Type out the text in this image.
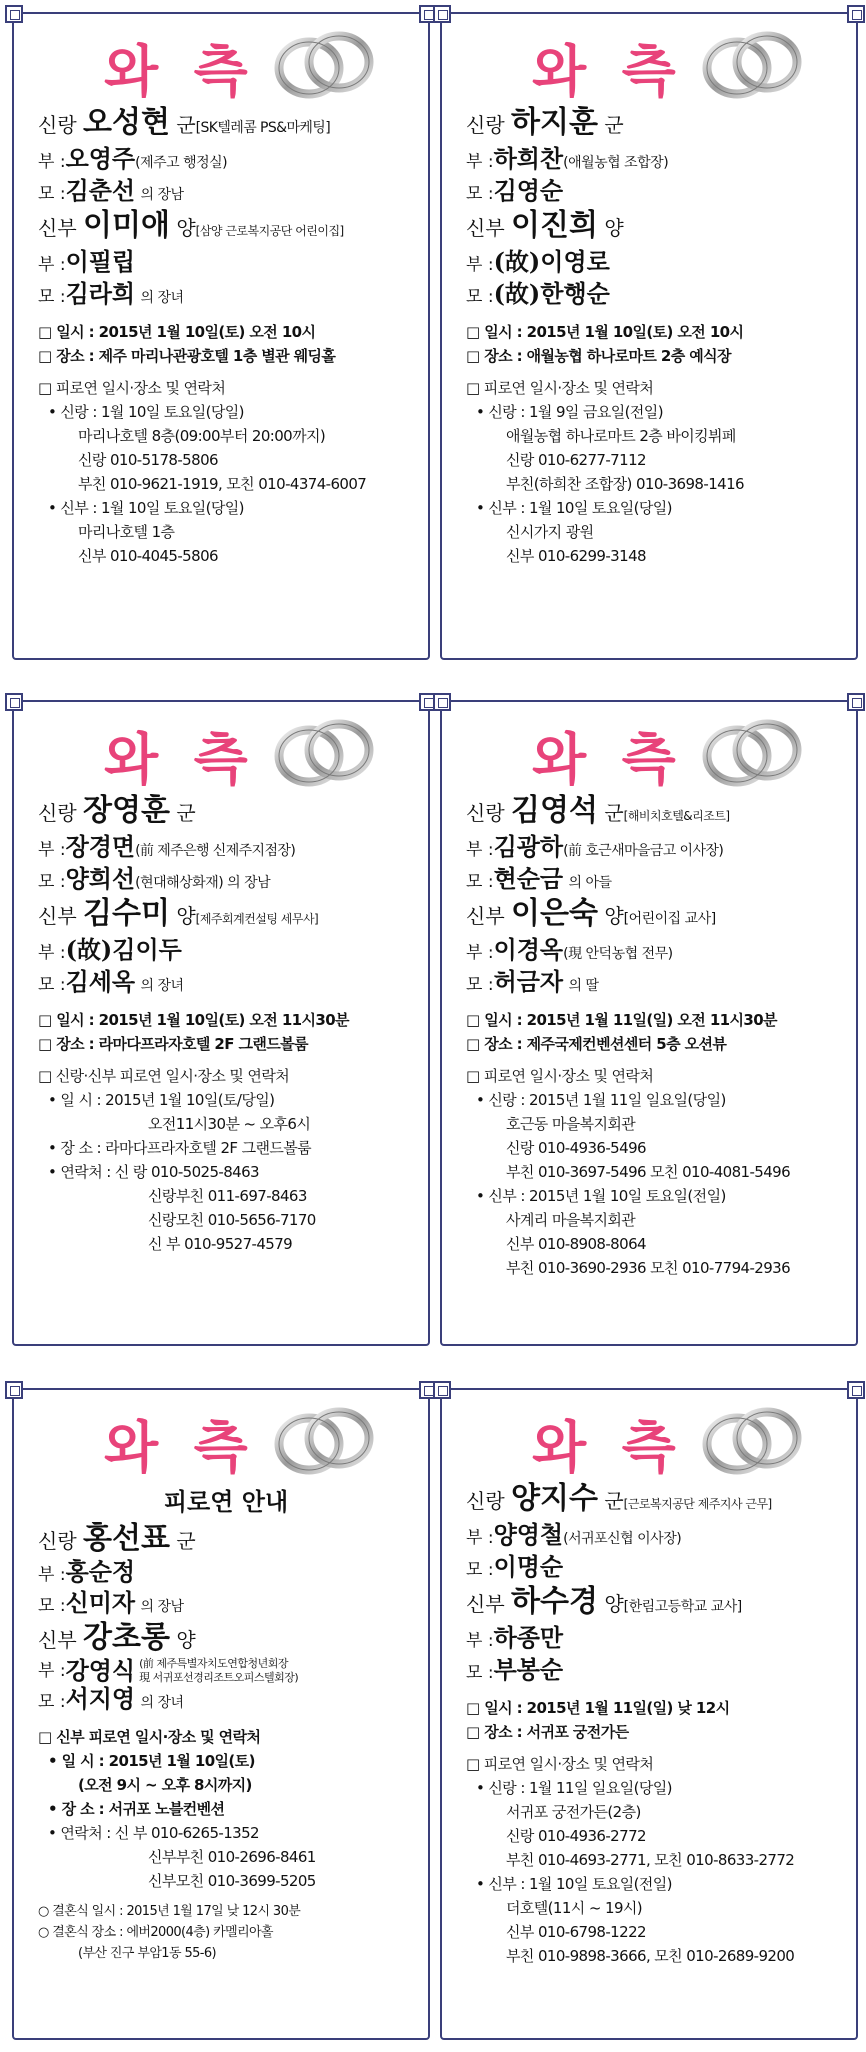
와 측
신랑 오성현 군[SK텔레콤 PS&마케팅]
부 :오영주(제주고 행정실)
모 :김춘선 의 장남
신부 이미애 양[삼양 근로복지공단 어린이집]
부 :이필립
모 :김라희 의 장녀
□ 일시 : 2015년 1월 10일(토) 오전 10시
□ 장소 : 제주 마리나관광호텔 1층 별관 웨딩홀
□ 피로연 일시·장소 및 연락처
• 신랑 : 1월 10일 토요일(당일)
마리나호텔 8층(09:00부터 20:00까지)
신랑 010-5178-5806
부친 010-9621-1919, 모친 010-4374-6007
• 신부 : 1월 10일 토요일(당일)
마리나호텔 1층
신부 010-4045-5806
와 측
신랑 하지훈 군
부 :하희찬(애월농협 조합장)
모 :김영순
신부 이진희 양
부 :(故)이영로
모 :(故)한행순
□ 일시 : 2015년 1월 10일(토) 오전 10시
□ 장소 : 애월농협 하나로마트 2층 예식장
□ 피로연 일시·장소 및 연락처
• 신랑 : 1월 9일 금요일(전일)
애월농협 하나로마트 2층 바이킹뷔페
신랑 010-6277-7112
부친(하희찬 조합장) 010-3698-1416
• 신부 : 1월 10일 토요일(당일)
신시가지 광원
신부 010-6299-3148
와 측
신랑 장영훈 군
부 :장경면(前 제주은행 신제주지점장)
모 :양희선(현대해상화재) 의 장남
신부 김수미 양[제주회계컨설팅 세무사]
부 :(故)김이두
모 :김세옥 의 장녀
□ 일시 : 2015년 1월 10일(토) 오전 11시30분
□ 장소 : 라마다프라자호텔 2F 그랜드볼룸
□ 신랑·신부 피로연 일시·장소 및 연락처
• 일 시 : 2015년 1월 10일(토/당일)
오전11시30분 ~ 오후6시
• 장 소 : 라마다프라자호텔 2F 그랜드볼룸
• 연락처 : 신 랑 010-5025-8463
신랑부친 011-697-8463
신랑모친 010-5656-7170
신 부 010-9527-4579
와 측
신랑 김영석 군[해비치호텔&리조트]
부 :김광하(前 호근새마을금고 이사장)
모 :현순금 의 아들
신부 이은숙 양[어린이집 교사]
부 :이경옥(現 안덕농협 전무)
모 :허금자 의 딸
□ 일시 : 2015년 1월 11일(일) 오전 11시30분
□ 장소 : 제주국제컨벤션센터 5층 오션뷰
□ 피로연 일시·장소 및 연락처
• 신랑 : 2015년 1월 11일 일요일(당일)
호근동 마을복지회관
신랑 010-4936-5496
부친 010-3697-5496 모친 010-4081-5496
• 신부 : 2015년 1월 10일 토요일(전일)
사계리 마을복지회관
신부 010-8908-8064
부친 010-3690-2936 모친 010-7794-2936
와 측
피로연 안내
신랑 홍선표 군
부 :홍순정
모 :신미자 의 장남
신부 강초롱 양
부 : 강영식 (前 제주특별자치도연합청년회장
現 서귀포선경리조트오피스텔회장)
모 :서지영 의 장녀
□ 신부 피로연 일시·장소 및 연락처
• 일 시 : 2015년 1월 10일(토)
(오전 9시 ~ 오후 8시까지)
• 장 소 : 서귀포 노블컨벤션
• 연락처 : 신 부 010-6265-1352
신부부친 010-2696-8461
신부모친 010-3699-5205
○ 결혼식 일시 : 2015년 1월 17일 낮 12시 30분
○ 결혼식 장소 : 에버2000(4층) 카멜리아홀
(부산 진구 부암1동 55-6)
와 측
신랑 양지수 군[근로복지공단 제주지사 근무]
부 :양영철(서귀포신협 이사장)
모 :이명순
신부 하수경 양[한림고등학교 교사]
부 :하종만
모 :부봉순
□ 일시 : 2015년 1월 11일(일) 낮 12시
□ 장소 : 서귀포 궁전가든
□ 피로연 일시·장소 및 연락처
• 신랑 : 1월 11일 일요일(당일)
서귀포 궁전가든(2층)
신랑 010-4936-2772
부친 010-4693-2771, 모친 010-8633-2772
• 신부 : 1월 10일 토요일(전일)
더호텔(11시 ~ 19시)
신부 010-6798-1222
부친 010-9898-3666, 모친 010-2689-9200
